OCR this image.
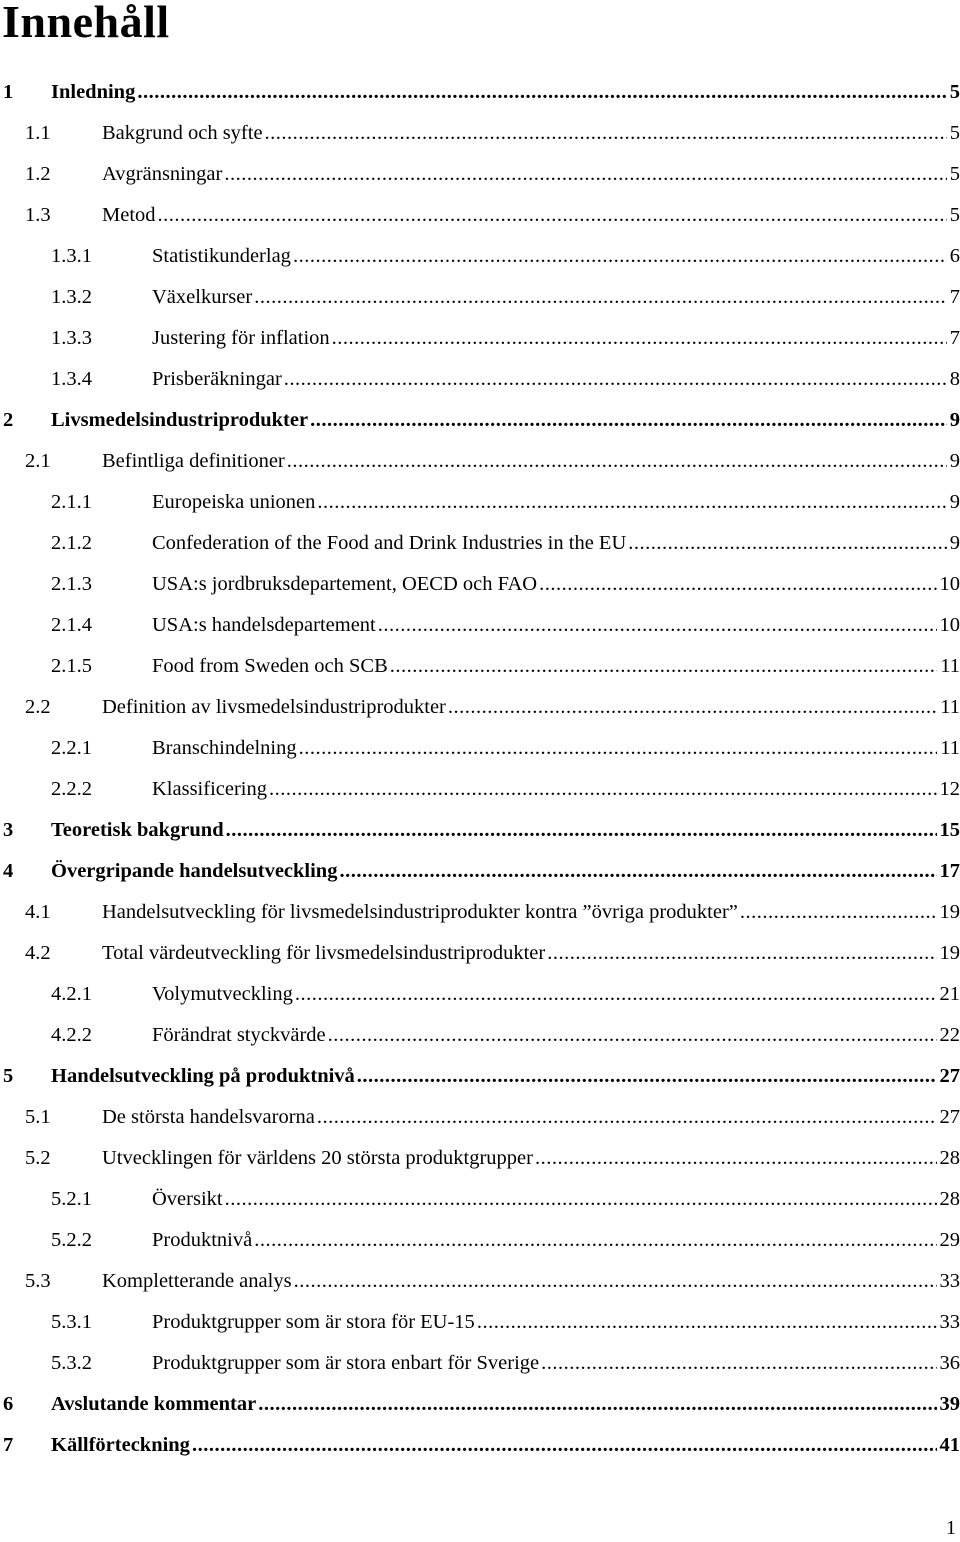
Innehåll
1 Inledning .....	5
1.1	Bakgrund och syfte .....	5
1.2	Avgränsningar .....	5
1.3	Metod .....	5
1.3.1	Statistikunderlag .....	6
1.3.2	Växelkurser .....	7
1.3.3	Justering för inflation .....	7
1.3.4	Prisberäkningar .....	8
2 Livsmedelsindustriprodukter .....	9
2.1	Befintliga definitioner .....	9
2.1.1	Europeiska unionen .....	9
2.1.2	Confederation of the Food and Drink Industries in the EU .....	9
2.1.3	USA:s jordbruksdepartement, OECD och FAO .....	10
2.1.4	USA:s handelsdepartement .....	10
2.1.5	Food from Sweden och SCB .....	11
2.2	Definition av livsmedelsindustriprodukter .....	11
2.2.1	Branschindelning .....	11
2.2.2	Klassificering .....	12
3 Teoretisk bakgrund .....	15
4 Övergripande handelsutveckling .....	17
4.1	Handelsutveckling för livsmedelsindustriprodukter kontra ”övriga produkter” .....	19
4.2	Total värdeutveckling för livsmedelsindustriprodukter .....	19
4.2.1	Volymutveckling .....	21
4.2.2	Förändrat styckvärde .....	22
5 Handelsutveckling på produktnivå .....	27
5.1	De största handelsvarorna .....	27
5.2	Utvecklingen för världens 20 största produktgrupper .....	28
5.2.1	Översikt .....	28
5.2.2	Produktnivå .....	29
5.3	Kompletterande analys .....	33
5.3.1	Produktgrupper som är stora för EU-15 .....	33
5.3.2	Produktgrupper som är stora enbart för Sverige .....	36
6 Avslutande kommentar .....	39
7 Källförteckning .....	41
1
